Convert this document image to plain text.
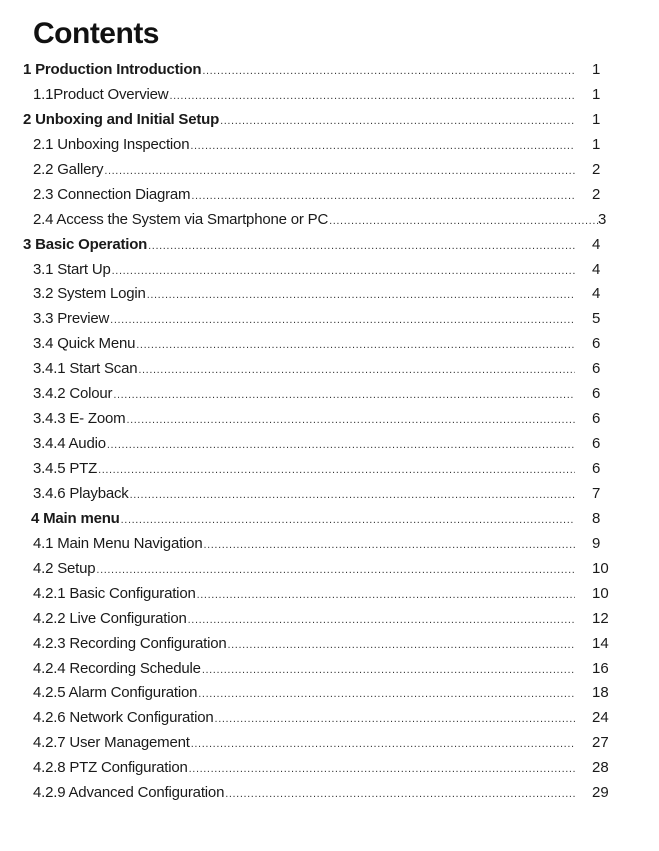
Contents
1 Production Introduction .....	1
1.1Product Overview .....	1
2 Unboxing and Initial Setup .....	1
2.1 Unboxing Inspection .....	1
2.2 Gallery .....	2
2.3 Connection Diagram .....	2
2.4 Access the System via Smartphone or PC .....	3
3 Basic Operation .....	4
3.1 Start Up .....	4
3.2 System Login .....	4
3.3 Preview .....	5
3.4 Quick Menu .....	6
3.4.1 Start Scan .....	6
3.4.2 Colour .....	6
3.4.3 E- Zoom .....	6
3.4.4 Audio .....	6
3.4.5 PTZ .....	6
3.4.6 Playback .....	7
4 Main menu .....	8
4.1 Main Menu Navigation .....	9
4.2 Setup .....	10
4.2.1 Basic Configuration .....	10
4.2.2 Live Configuration .....	12
4.2.3 Recording Configuration .....	14
4.2.4 Recording Schedule .....	16
4.2.5 Alarm Configuration .....	18
4.2.6 Network Configuration .....	24
4.2.7 User Management .....	27
4.2.8 PTZ Configuration .....	28
4.2.9 Advanced Configuration .....	29
